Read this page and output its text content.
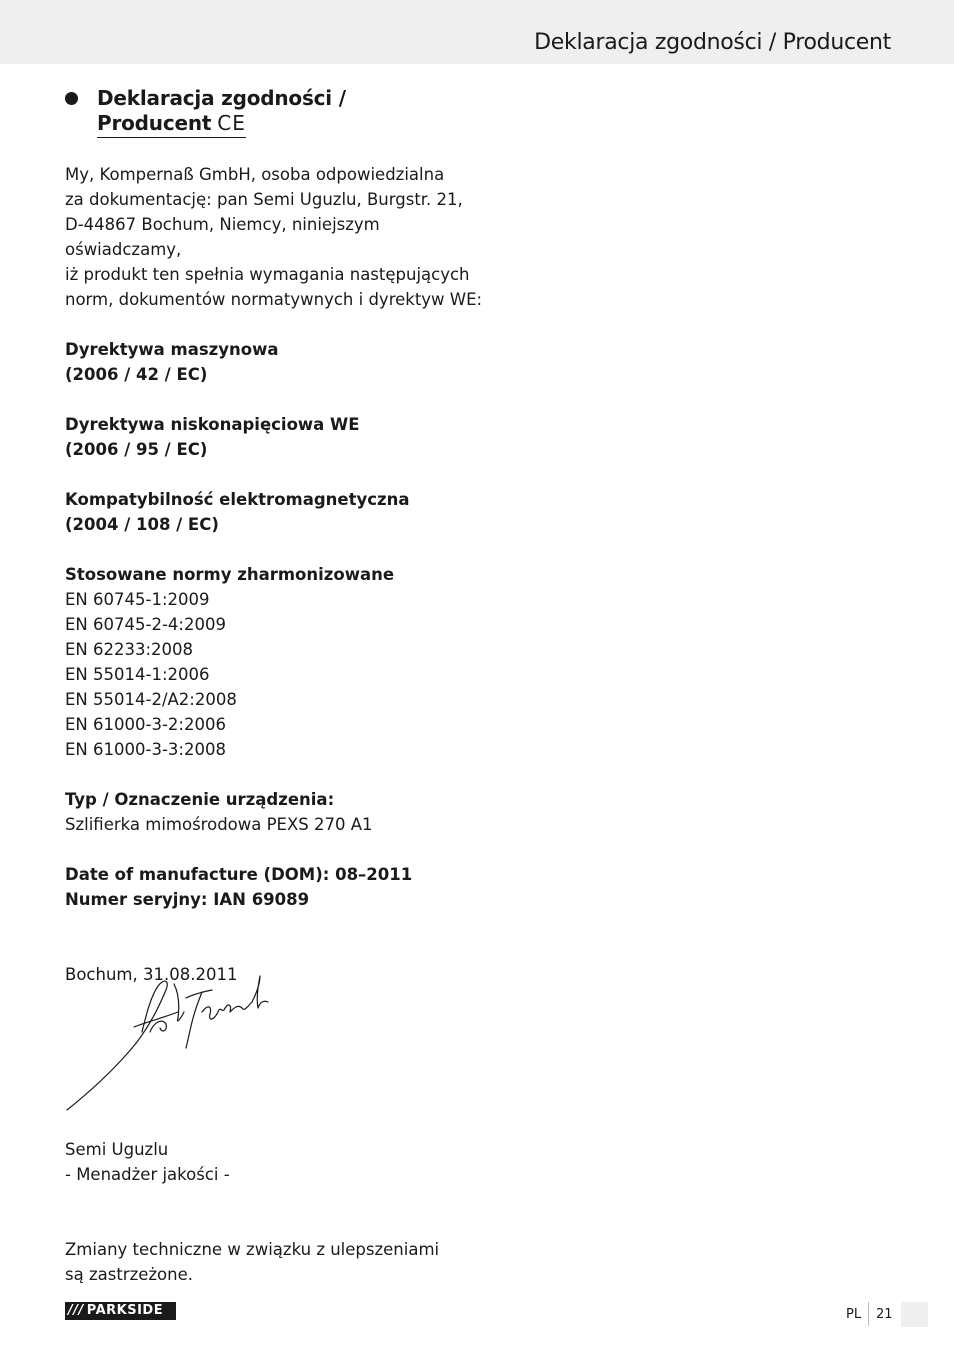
Deklaracja zgodności / Producent
Deklaracja zgodności /
Producent CE

My, Kompernaß GmbH, osoba odpowiedzialna

za dokumentację: pan Semi Uguzlu, Burgstr. 21,

D-44867 Bochum, Niemcy, niniejszym oświadczamy,

iż produkt ten spełnia wymagania następujących

norm, dokumentów normatywnych i dyrektyw WE:

Dyrektywa maszynowa

(2006 / 42 / EC)

Dyrektywa niskonapięciowa WE

(2006 / 95 / EC)

Kompatybilność elektromagnetyczna

(2004 / 108 / EC)

Stosowane normy zharmonizowane

EN 60745-1:2009

EN 60745-2-4:2009

EN 62233:2008

EN 55014-1:2006

EN 55014-2/A2:2008

EN 61000-3-2:2006

EN 61000-3-3:2008

Typ / Oznaczenie urządzenia:

Szlifierka mimośrodowa PEXS 270 A1

Date of manufacture (DOM): 08–2011

Numer seryjny: IAN 69089

Bochum, 31.08.2011

Semi Uguzlu

- Menadżer jakości -

Zmiany techniczne w związku z ulepszeniami

są zastrzeżone.

/// PARKSIDE	PL 21
